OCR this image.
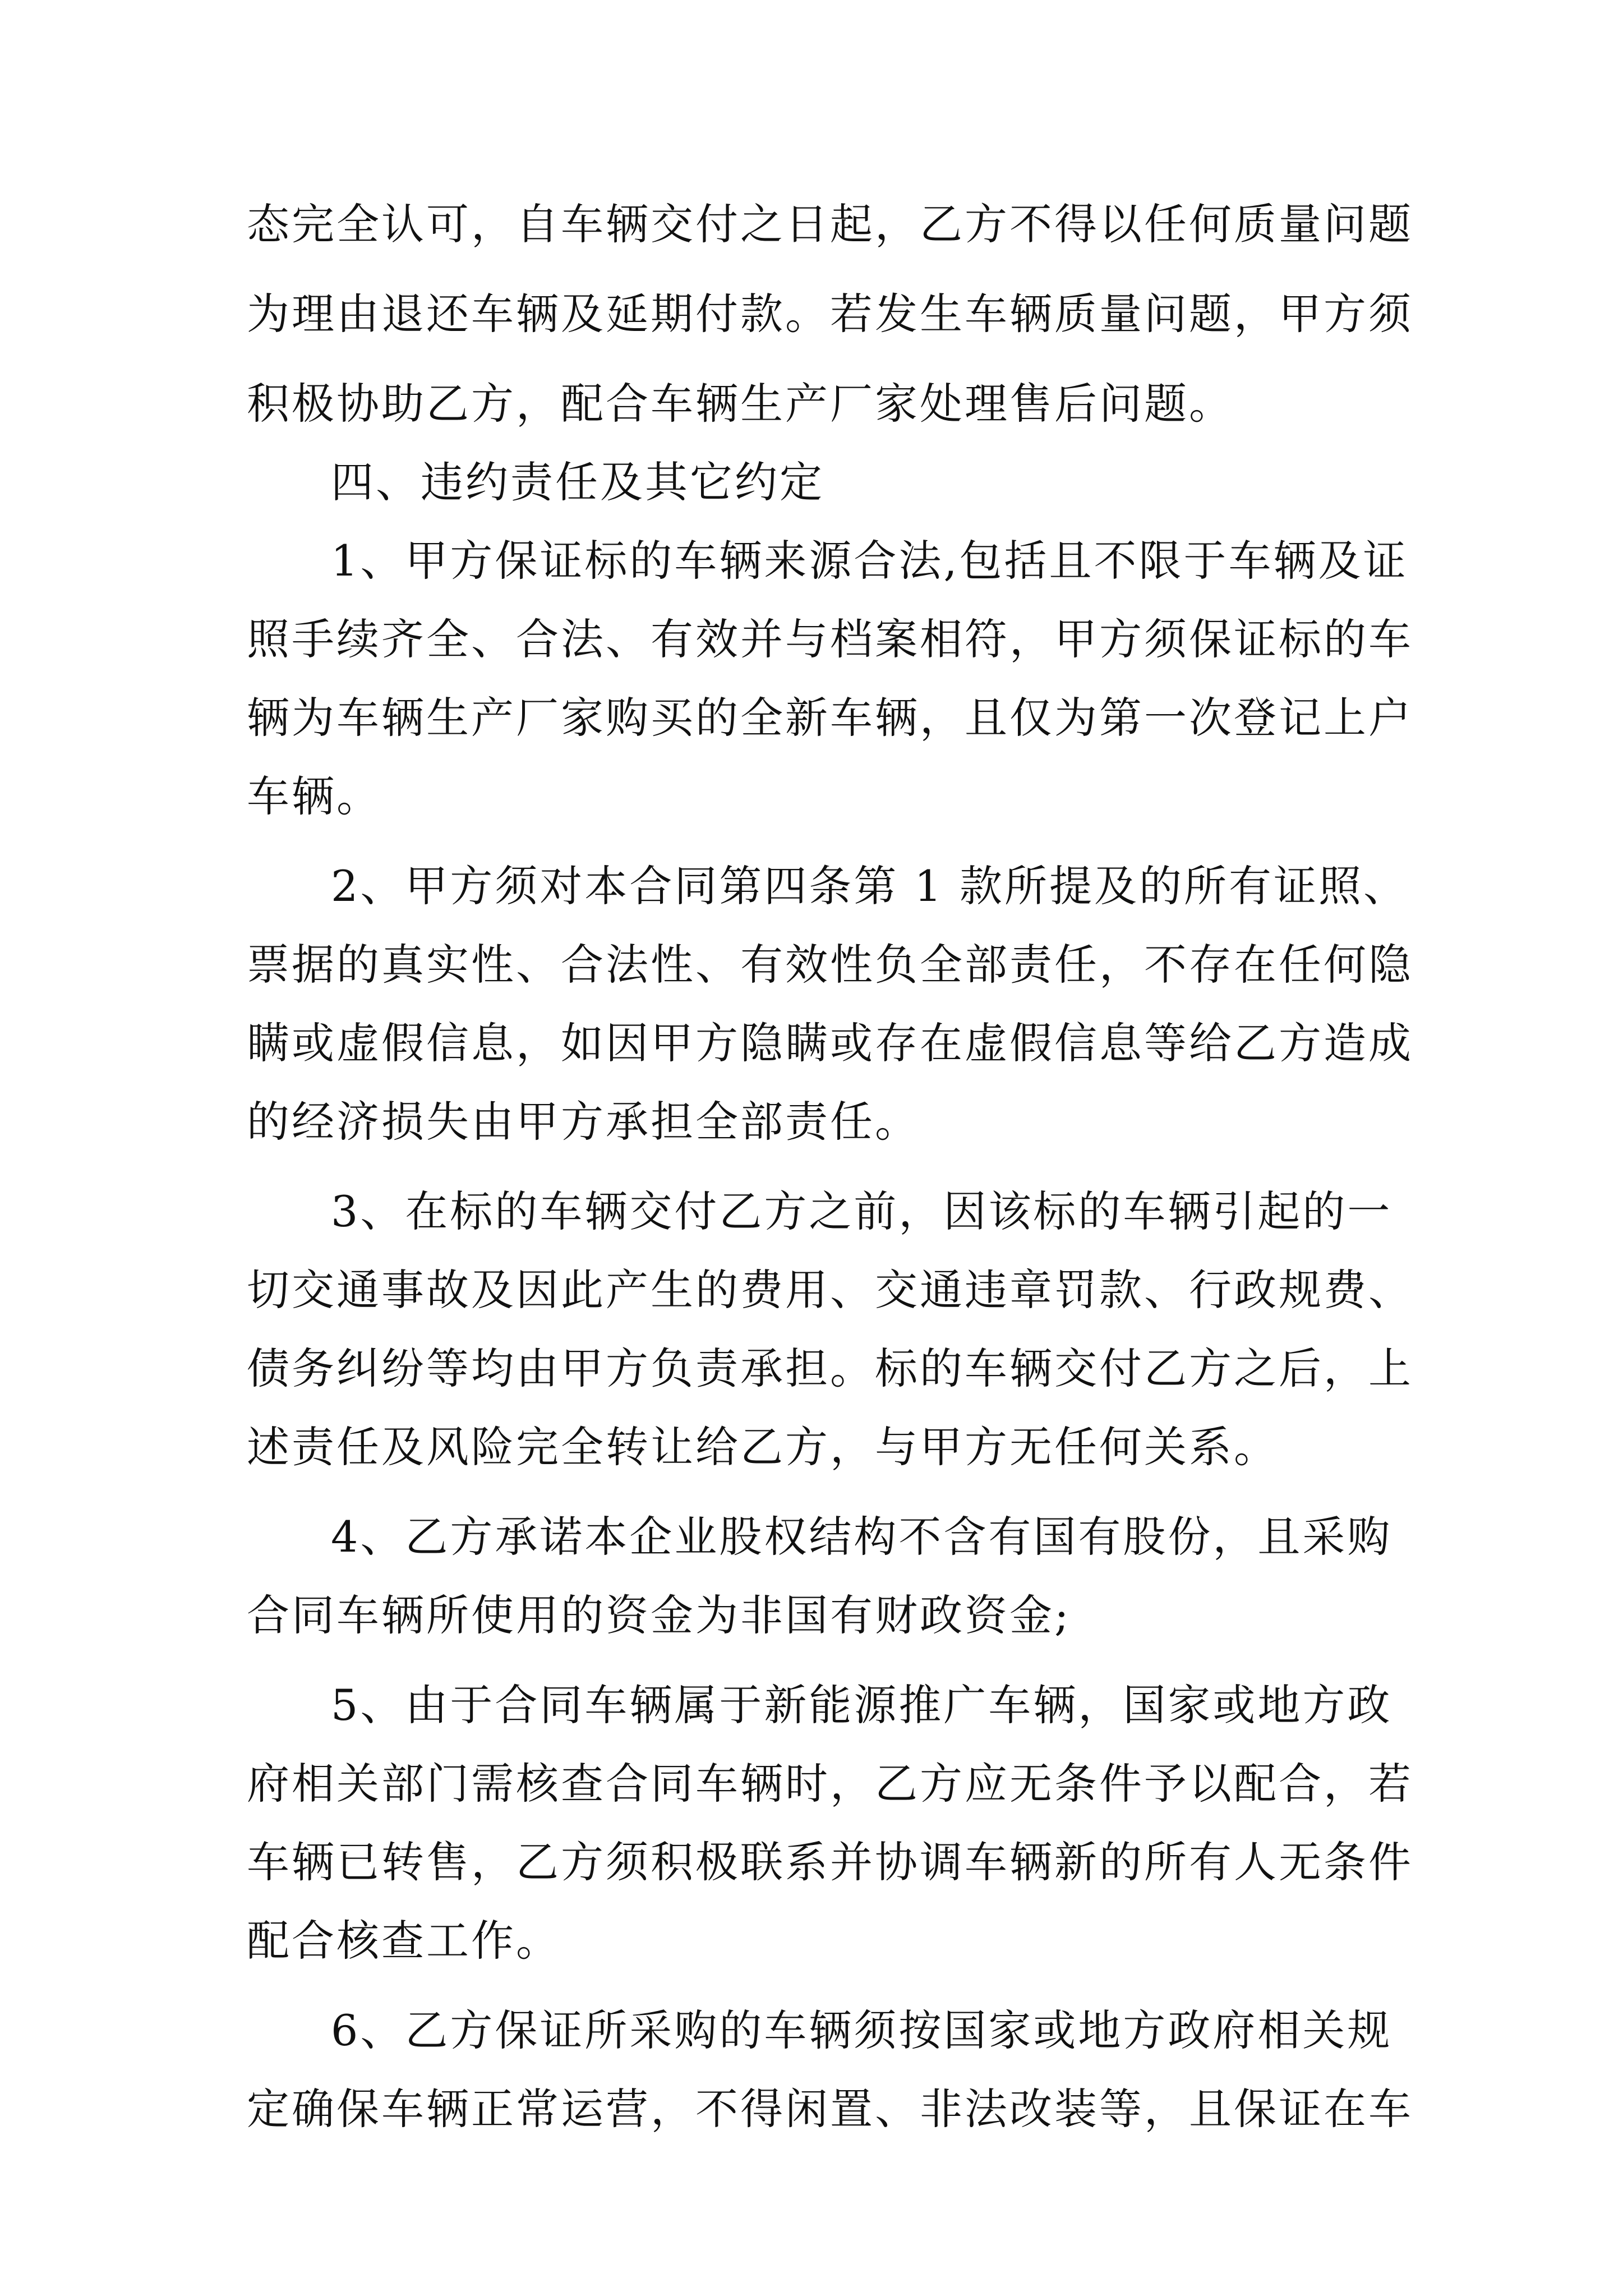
态完全认可，自车辆交付之日起，乙方不得以任何质量问题
为理由退还车辆及延期付款。若发生车辆质量问题，甲方须
积极协助乙方，配合车辆生产厂家处理售后问题。
四、违约责任及其它约定
1、甲方保证标的车辆来源合法,包括且不限于车辆及证
照手续齐全、合法、有效并与档案相符，甲方须保证标的车
辆为车辆生产厂家购买的全新车辆，且仅为第一次登记上户
车辆。
2、甲方须对本合同第四条第 1 款所提及的所有证照、
票据的真实性、合法性、有效性负全部责任，不存在任何隐
瞒或虚假信息，如因甲方隐瞒或存在虚假信息等给乙方造成
的经济损失由甲方承担全部责任。
3、在标的车辆交付乙方之前，因该标的车辆引起的一
切交通事故及因此产生的费用、交通违章罚款、行政规费、
债务纠纷等均由甲方负责承担。标的车辆交付乙方之后，上
述责任及风险完全转让给乙方，与甲方无任何关系。
4、乙方承诺本企业股权结构不含有国有股份，且采购
合同车辆所使用的资金为非国有财政资金;
5、由于合同车辆属于新能源推广车辆，国家或地方政
府相关部门需核查合同车辆时，乙方应无条件予以配合，若
车辆已转售，乙方须积极联系并协调车辆新的所有人无条件
配合核查工作。
6、乙方保证所采购的车辆须按国家或地方政府相关规
定确保车辆正常运营，不得闲置、非法改装等，且保证在车
